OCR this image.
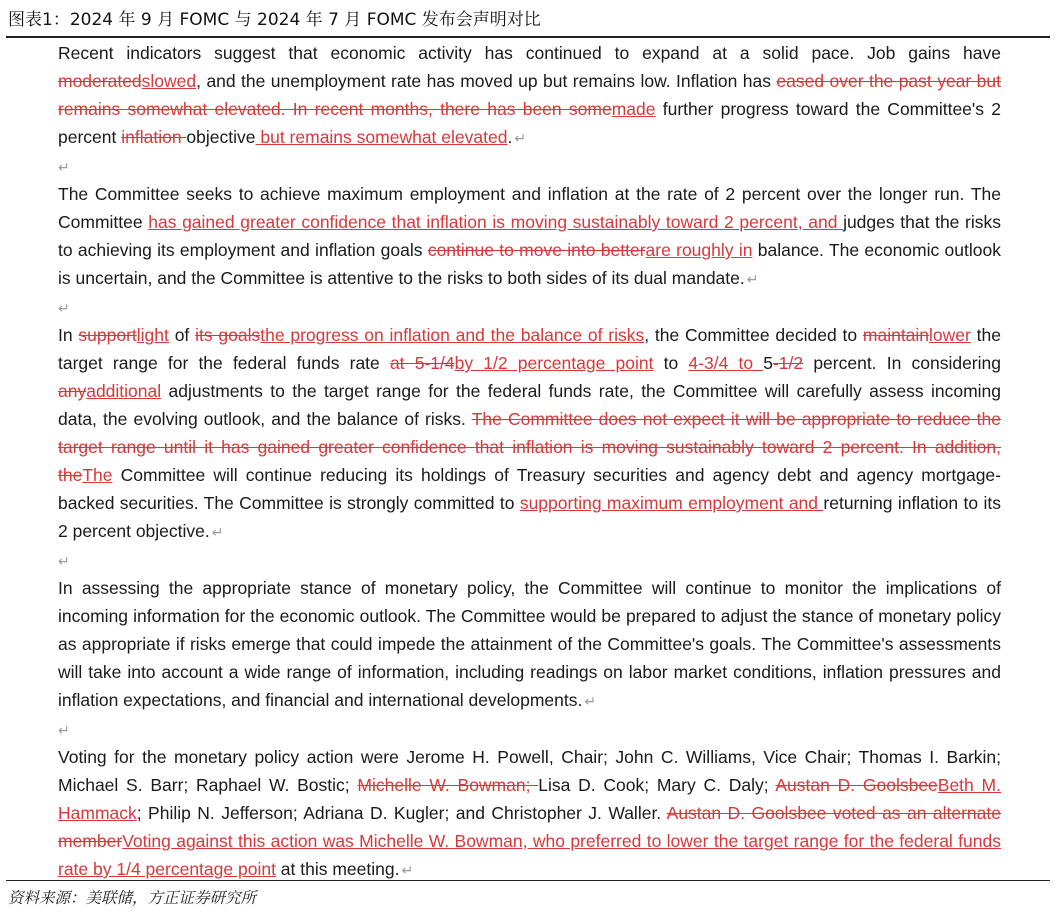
图表1：2024 年 9 月 FOMC 与 2024 年 7 月 FOMC 发布会声明对比

Recent indicators suggest that economic activity has continued to expand at a solid pace. Job gains have moderatedslowed, and the unemployment rate has moved up but remains low. Inflation has eased over the past year but remains somewhat elevated. In recent months, there has been somemade further progress toward the Committee's 2 percent inflation objective but remains somewhat elevated. ↵

↵

The Committee seeks to achieve maximum employment and inflation at the rate of 2 percent over the longer run. The Committee has gained greater confidence that inflation is moving sustainably toward 2 percent, and judges that the risks to achieving its employment and inflation goals continue to move into betterare roughly in balance. The economic outlook is uncertain, and the Committee is attentive to the risks to both sides of its dual mandate. ↵

↵

In supportlight of its goalsthe progress on inflation and the balance of risks, the Committee decided to maintainlower the target range for the federal funds rate at 5-1/4by 1/2 percentage point to 4-3/4 to 5-1/2 percent. In considering anyadditional adjustments to the target range for the federal funds rate, the Committee will carefully assess incoming data, the evolving outlook, and the balance of risks. The Committee does not expect it will be appropriate to reduce the target range until it has gained greater confidence that inflation is moving sustainably toward 2 percent. In addition, theThe Committee will continue reducing its holdings of Treasury securities and agency debt and agency mortgage-backed securities. The Committee is strongly committed to supporting maximum employment and returning inflation to its 2 percent objective. ↵

↵

In assessing the appropriate stance of monetary policy, the Committee will continue to monitor the implications of incoming information for the economic outlook. The Committee would be prepared to adjust the stance of monetary policy as appropriate if risks emerge that could impede the attainment of the Committee's goals. The Committee's assessments will take into account a wide range of information, including readings on labor market conditions, inflation pressures and inflation expectations, and financial and international developments. ↵

↵

Voting for the monetary policy action were Jerome H. Powell, Chair; John C. Williams, Vice Chair; Thomas I. Barkin; Michael S. Barr; Raphael W. Bostic; Michelle W. Bowman; Lisa D. Cook; Mary C. Daly; Austan D. GoolsbeeBeth M. Hammack; Philip N. Jefferson; Adriana D. Kugler; and Christopher J. Waller. Austan D. Goolsbee voted as an alternate memberVoting against this action was Michelle W. Bowman, who preferred to lower the target range for the federal funds rate by 1/4 percentage point at this meeting. ↵

资料来源：美联储，方正证券研究所
